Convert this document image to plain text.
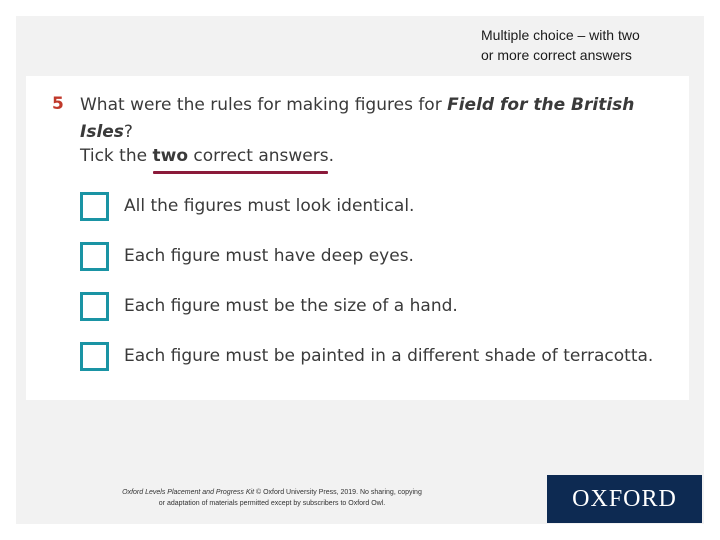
Multiple choice – with two
or more correct answers
5 What were the rules for making figures for Field for the British Isles?
Tick the two correct answers.
All the figures must look identical.
Each figure must have deep eyes.
Each figure must be the size of a hand.
Each figure must be painted in a different shade of terracotta.
Oxford Levels Placement and Progress Kit © Oxford University Press, 2019. No sharing, copying
or adaptation of materials permitted except by subscribers to Oxford Owl.	OXFORD
